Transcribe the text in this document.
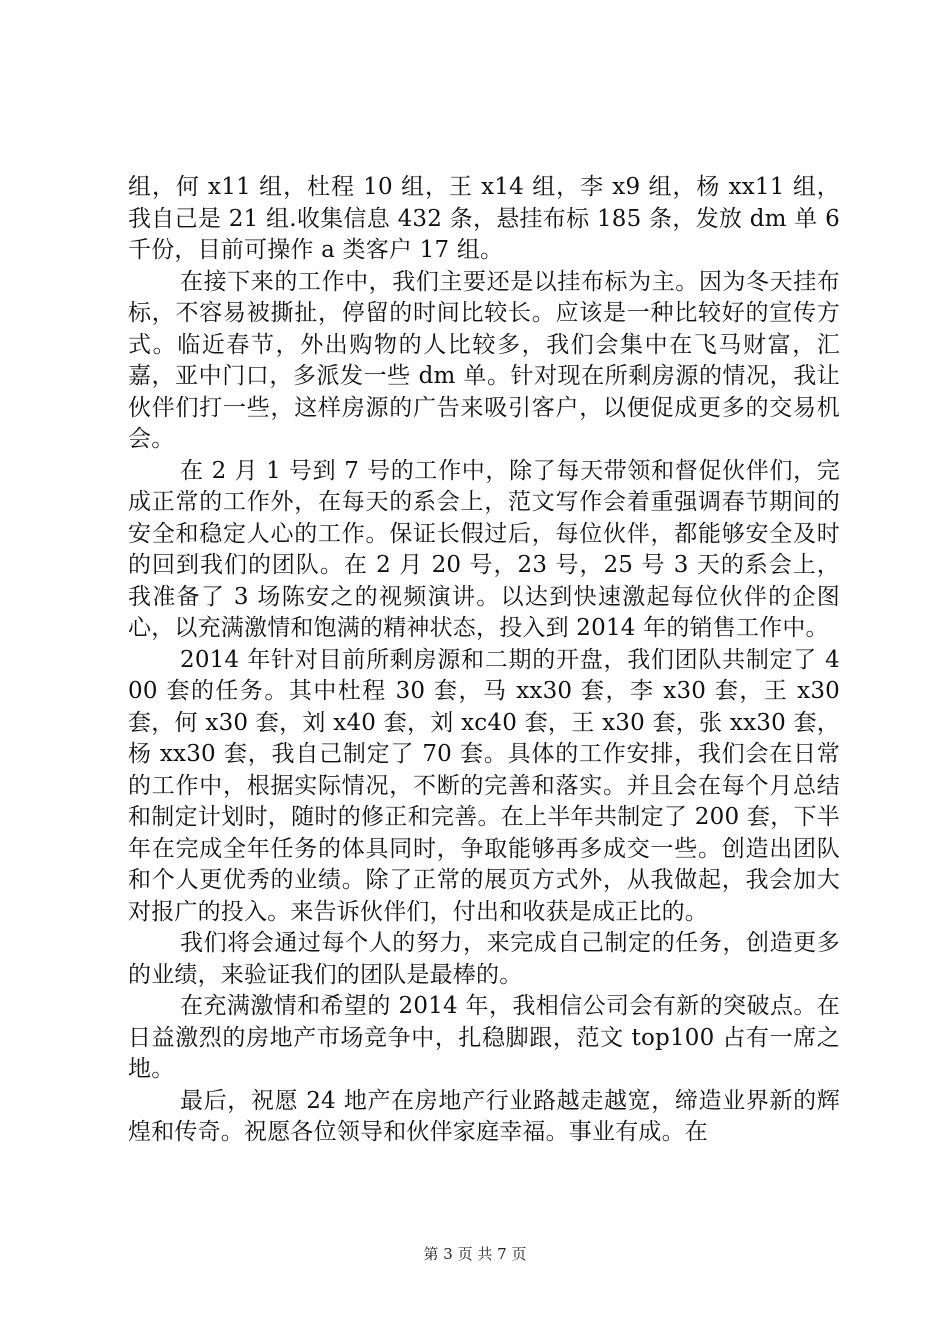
组，何 x11 组，杜程 10 组，王 x14 组，李 x9 组，杨 xx11 组，我自己是 21 组.收集信息 432 条，悬挂布标 185 条，发放 dm 单 6 千份，目前可操作 a 类客户 17 组。

在接下来的工作中，我们主要还是以挂布标为主。因为冬天挂布标，不容易被撕扯，停留的时间比较长。应该是一种比较好的宣传方式。临近春节，外出购物的人比较多，我们会集中在飞马财富，汇嘉，亚中门口，多派发一些 dm 单。针对现在所剩房源的情况，我让伙伴们打一些，这样房源的广告来吸引客户，以便促成更多的交易机会。

在 2 月 1 号到 7 号的工作中，除了每天带领和督促伙伴们，完成正常的工作外，在每天的系会上，范文写作会着重强调春节期间的安全和稳定人心的工作。保证长假过后，每位伙伴，都能够安全及时的回到我们的团队。在 2 月 20 号，23 号，25 号 3 天的系会上，我准备了 3 场陈安之的视频演讲。以达到快速激起每位伙伴的企图心，以充满激情和饱满的精神状态，投入到 2014 年的销售工作中。

2014 年针对目前所剩房源和二期的开盘，我们团队共制定了 400 套的任务。其中杜程 30 套，马 xx30 套，李 x30 套，王 x30 套，何 x30 套，刘 x40 套，刘 xc40 套，王 x30 套，张 xx30 套，杨 xx30 套，我自己制定了 70 套。具体的工作安排，我们会在日常的工作中，根据实际情况，不断的完善和落实。并且会在每个月总结和制定计划时，随时的修正和完善。在上半年共制定了 200 套，下半年在完成全年任务的体具同时，争取能够再多成交一些。创造出团队和个人更优秀的业绩。除了正常的展页方式外，从我做起，我会加大对报广的投入。来告诉伙伴们，付出和收获是成正比的。

我们将会通过每个人的努力，来完成自己制定的任务，创造更多的业绩，来验证我们的团队是最棒的。

在充满激情和希望的 2014 年，我相信公司会有新的突破点。在日益激烈的房地产市场竞争中，扎稳脚跟，范文 top100 占有一席之地。

最后，祝愿 24 地产在房地产行业路越走越宽，缔造业界新的辉煌和传奇。祝愿各位领导和伙伴家庭幸福。事业有成。在

第 3 页 共 7 页
